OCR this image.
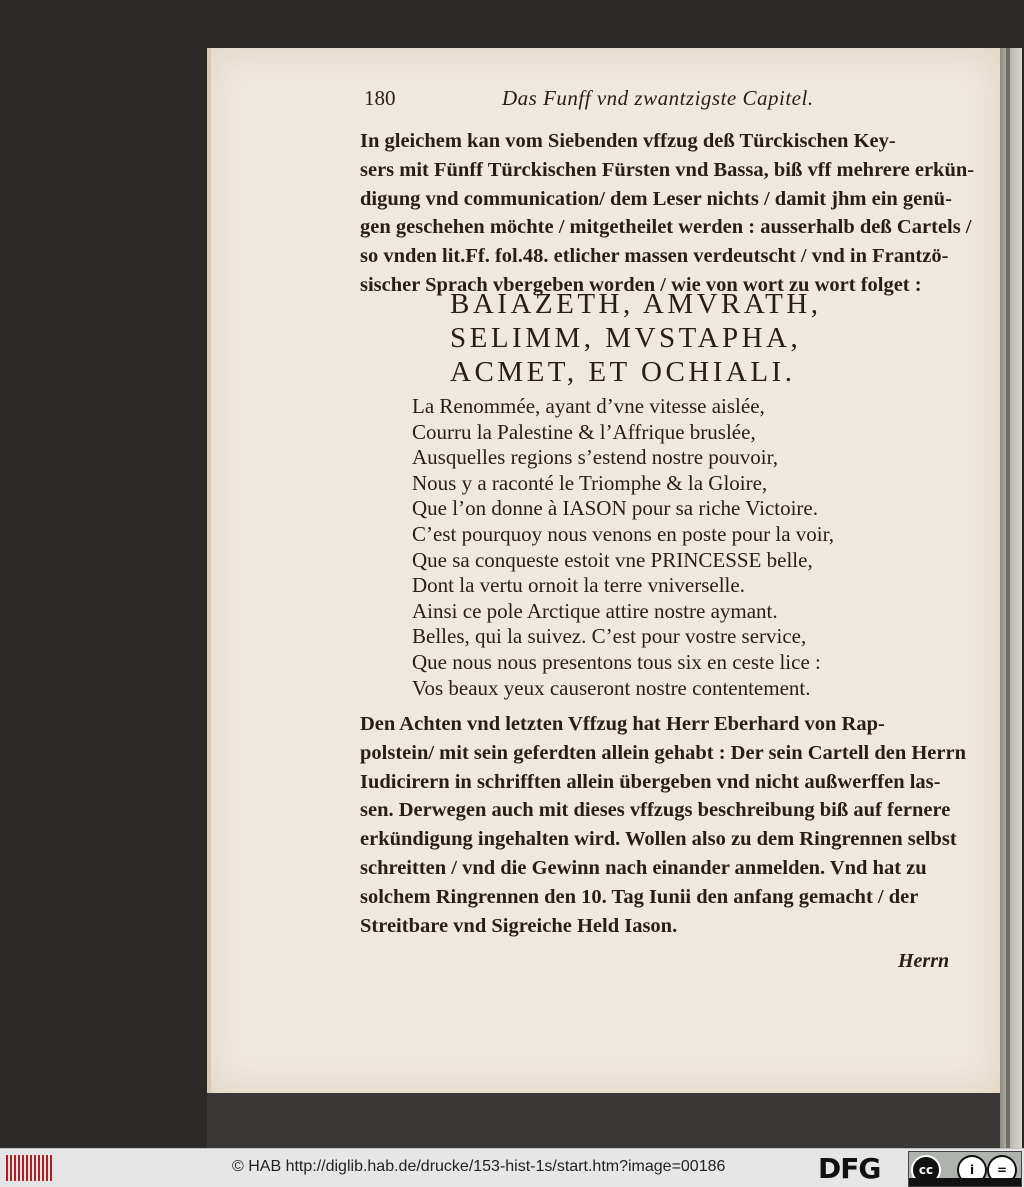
180	Das Funff vnd zwantzigste Capitel.
In gleichem kan vom Siebenden vffzug deß Türckischen Key-
sers mit Fünff Türckischen Fürsten vnd Bassa, biß vff mehrere erkün-
digung vnd communication/ dem Leser nichts / damit jhm ein genü-
gen geschehen möchte / mitgetheilet werden : ausserhalb deß Cartels /
so vnden lit.Ff. fol.48. etlicher massen verdeutscht / vnd in Frantzö-
sischer Sprach vbergeben worden / wie von wort zu wort folget :
BAIAZETH, AMVRATH,
SELIMM, MVSTAPHA,
ACMET, ET OCHIALI.
La Renommée, ayant d’vne vitesse aislée,
Courru la Palestine & l’Affrique bruslée,
Ausquelles regions s’estend nostre pouvoir,
Nous y a raconté le Triomphe & la Gloire,
Que l’on donne à IASON pour sa riche Victoire.
C’est pourquoy nous venons en poste pour la voir,
Que sa conqueste estoit vne PRINCESSE belle,
Dont la vertu ornoit la terre vniverselle.
Ainsi ce pole Arctique attire nostre aymant.
Belles, qui la suivez. C’est pour vostre service,
Que nous nous presentons tous six en ceste lice :
Vos beaux yeux causeront nostre contentement.
Den Achten vnd letzten Vffzug hat Herr Eberhard von Rap-
polstein/ mit sein geferdten allein gehabt : Der sein Cartell den Herrn
Iudicirern in schrifften allein übergeben vnd nicht außwerffen las-
sen. Derwegen auch mit dieses vffzugs beschreibung biß auf fernere
erkündigung ingehalten wird. Wollen also zu dem Ringrennen selbst
schreitten / vnd die Gewinn nach einander anmelden. Vnd hat zu
solchem Ringrennen den 10. Tag Iunii den anfang gemacht / der
Streitbare vnd Sigreiche Held Iason.
Herrn
© HAB http://diglib.hab.de/drucke/153-hist-1s/start.htm?image=00186	DFG	cc	i	=
